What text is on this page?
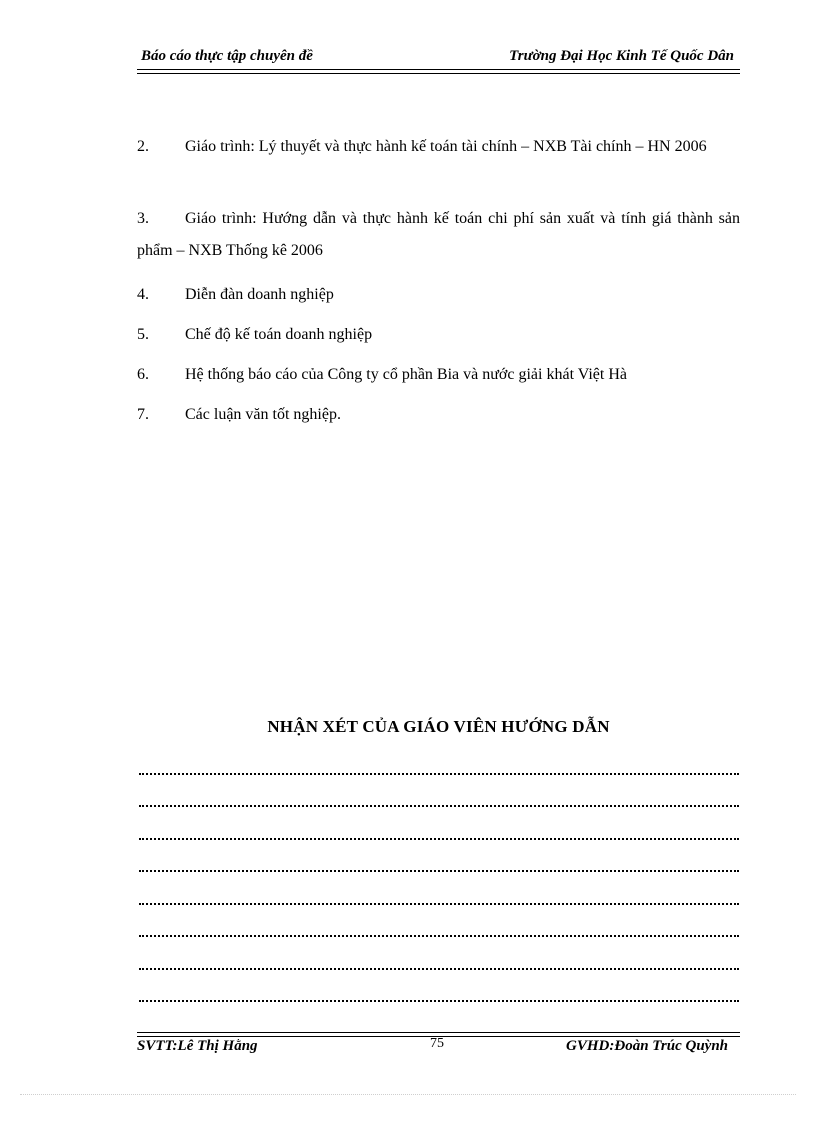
Báo cáo thực tập chuyên đề	Trường Đại Học Kinh Tế Quốc Dân
2.	Giáo trình: Lý thuyết và thực hành kế toán tài chính – NXB Tài chính – HN 2006
3.	Giáo trình: Hướng dẫn và thực hành kế toán chi phí sản xuất và tính giá thành sản phẩm – NXB Thống kê 2006
4.	Diễn đàn doanh nghiệp
5.	Chế độ kế toán doanh nghiệp
6.	Hệ thống báo cáo của Công ty cổ phần Bia và nước giải khát Việt Hà
7.	Các luận văn tốt nghiệp.
NHẬN XÉT CỦA GIÁO VIÊN HƯỚNG DẪN
SVTT:Lê Thị Hằng	75	GVHD:Đoàn Trúc Quỳnh
